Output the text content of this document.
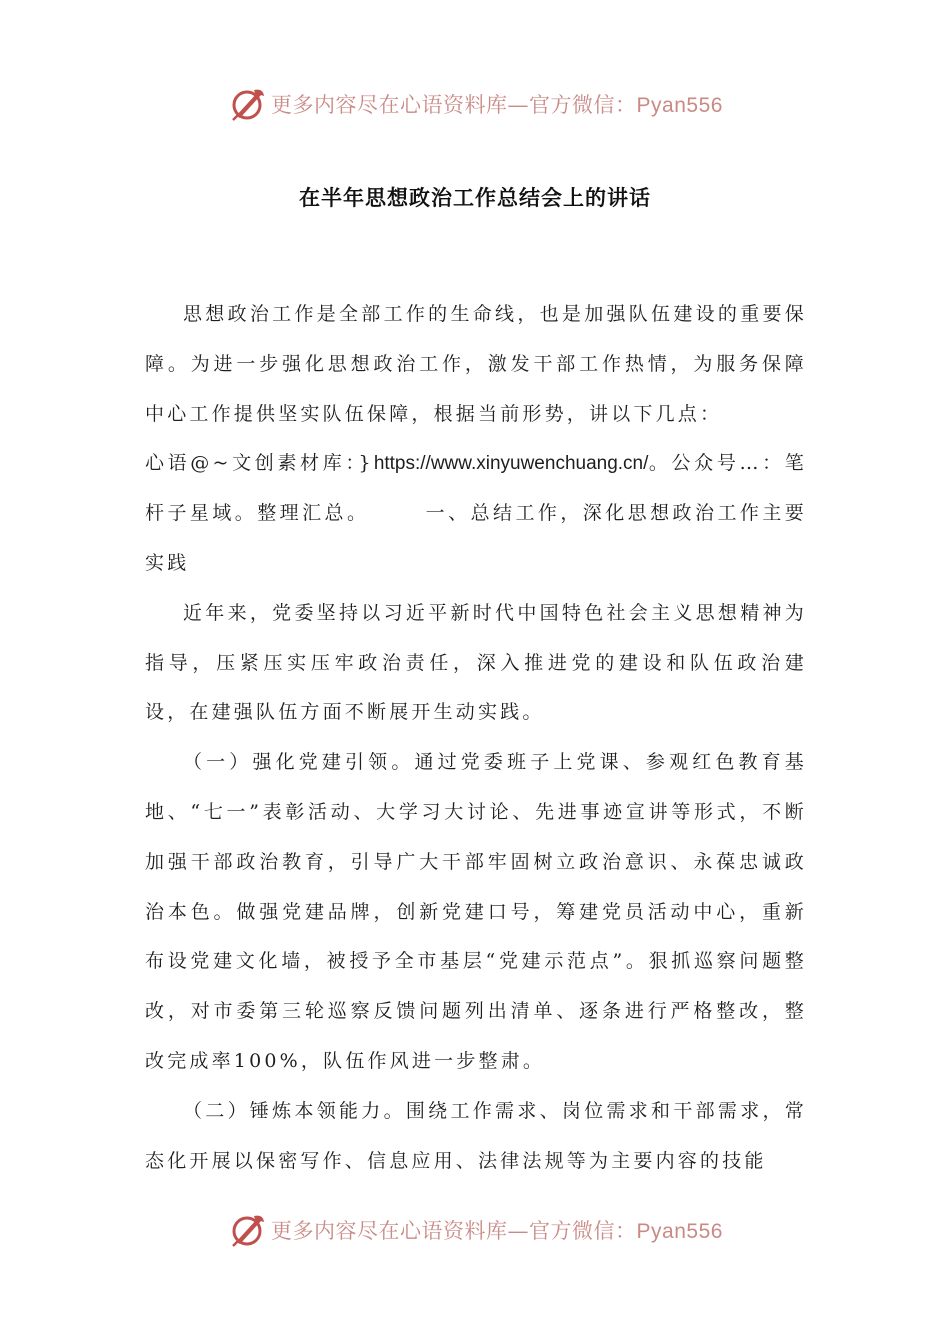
更多内容尽在心语资料库—官方微信：Pyan556
在半年思想政治工作总结会上的讲话

思想政治工作是全部工作的生命线，也是加强队伍建设的重要保障。为进一步强化思想政治工作，激发干部工作热情，为服务保障中心工作提供坚实队伍保障，根据当前形势，讲以下几点：

心语@~文创素材库：}https://www.xinyuwenchuang.cn/。公众号…：笔杆子星域。整理汇总。	一、总结工作，深化思想政治工作主要实践

近年来，党委坚持以习近平新时代中国特色社会主义思想精神为指导，压紧压实压牢政治责任，深入推进党的建设和队伍政治建设，在建强队伍方面不断展开生动实践。

（一）强化党建引领。通过党委班子上党课、参观红色教育基地、“七一”表彰活动、大学习大讨论、先进事迹宣讲等形式，不断加强干部政治教育，引导广大干部牢固树立政治意识、永葆忠诚政治本色。做强党建品牌，创新党建口号，筹建党员活动中心，重新布设党建文化墙，被授予全市基层“党建示范点”。狠抓巡察问题整改，对市委第三轮巡察反馈问题列出清单、逐条进行严格整改，整改完成率100%，队伍作风进一步整肃。

（二）锤炼本领能力。围绕工作需求、岗位需求和干部需求，常态化开展以保密写作、信息应用、法律法规等为主要内容的技能

更多内容尽在心语资料库—官方微信：Pyan556
